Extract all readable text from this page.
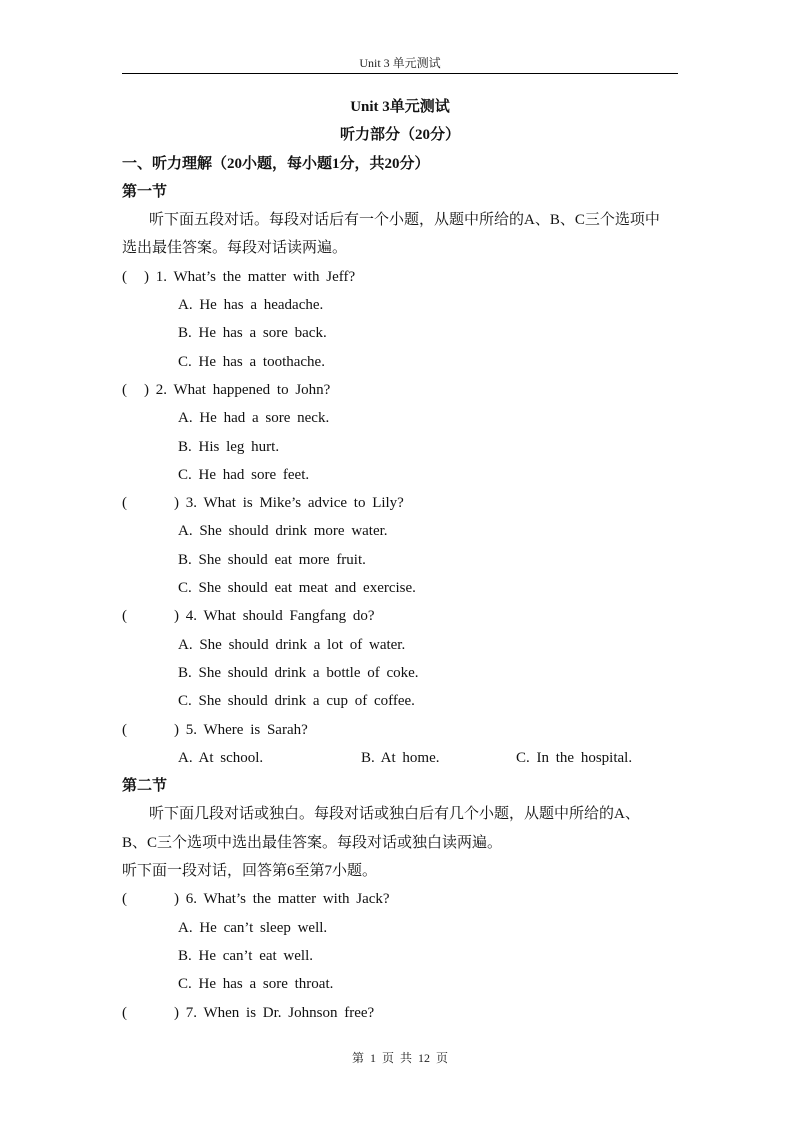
Unit 3 单元测试
Unit 3单元测试
听力部分（20分）
一、听力理解（20小题，每小题1分，共20分）
第一节
听下面五段对话。每段对话后有一个小题，从题中所给的A、B、C三个选项中
选出最佳答案。每段对话读两遍。
(	) 1. What’s the matter with Jeff?
A. He has a headache.
B. He has a sore back.
C. He has a toothache.
(	) 2. What happened to John?
A. He had a sore neck.
B. His leg hurt.
C. He had sore feet.
(	) 3. What is Mike’s advice to Lily?
A. She should drink more water.
B. She should eat more fruit.
C. She should eat meat and exercise.
(	) 4. What should Fangfang do?
A. She should drink a lot of water.
B. She should drink a bottle of coke.
C. She should drink a cup of coffee.
(	) 5. Where is Sarah?
A. At school.	B. At home.	C. In the hospital.
第二节
听下面几段对话或独白。每段对话或独白后有几个小题，从题中所给的A、
B、C三个选项中选出最佳答案。每段对话或独白读两遍。
听下面一段对话，回答第6至第7小题。
(	) 6. What’s the matter with Jack?
A. He can’t sleep well.
B. He can’t eat well.
C. He has a sore throat.
(	) 7. When is Dr. Johnson free?
第 1 页 共 12 页
